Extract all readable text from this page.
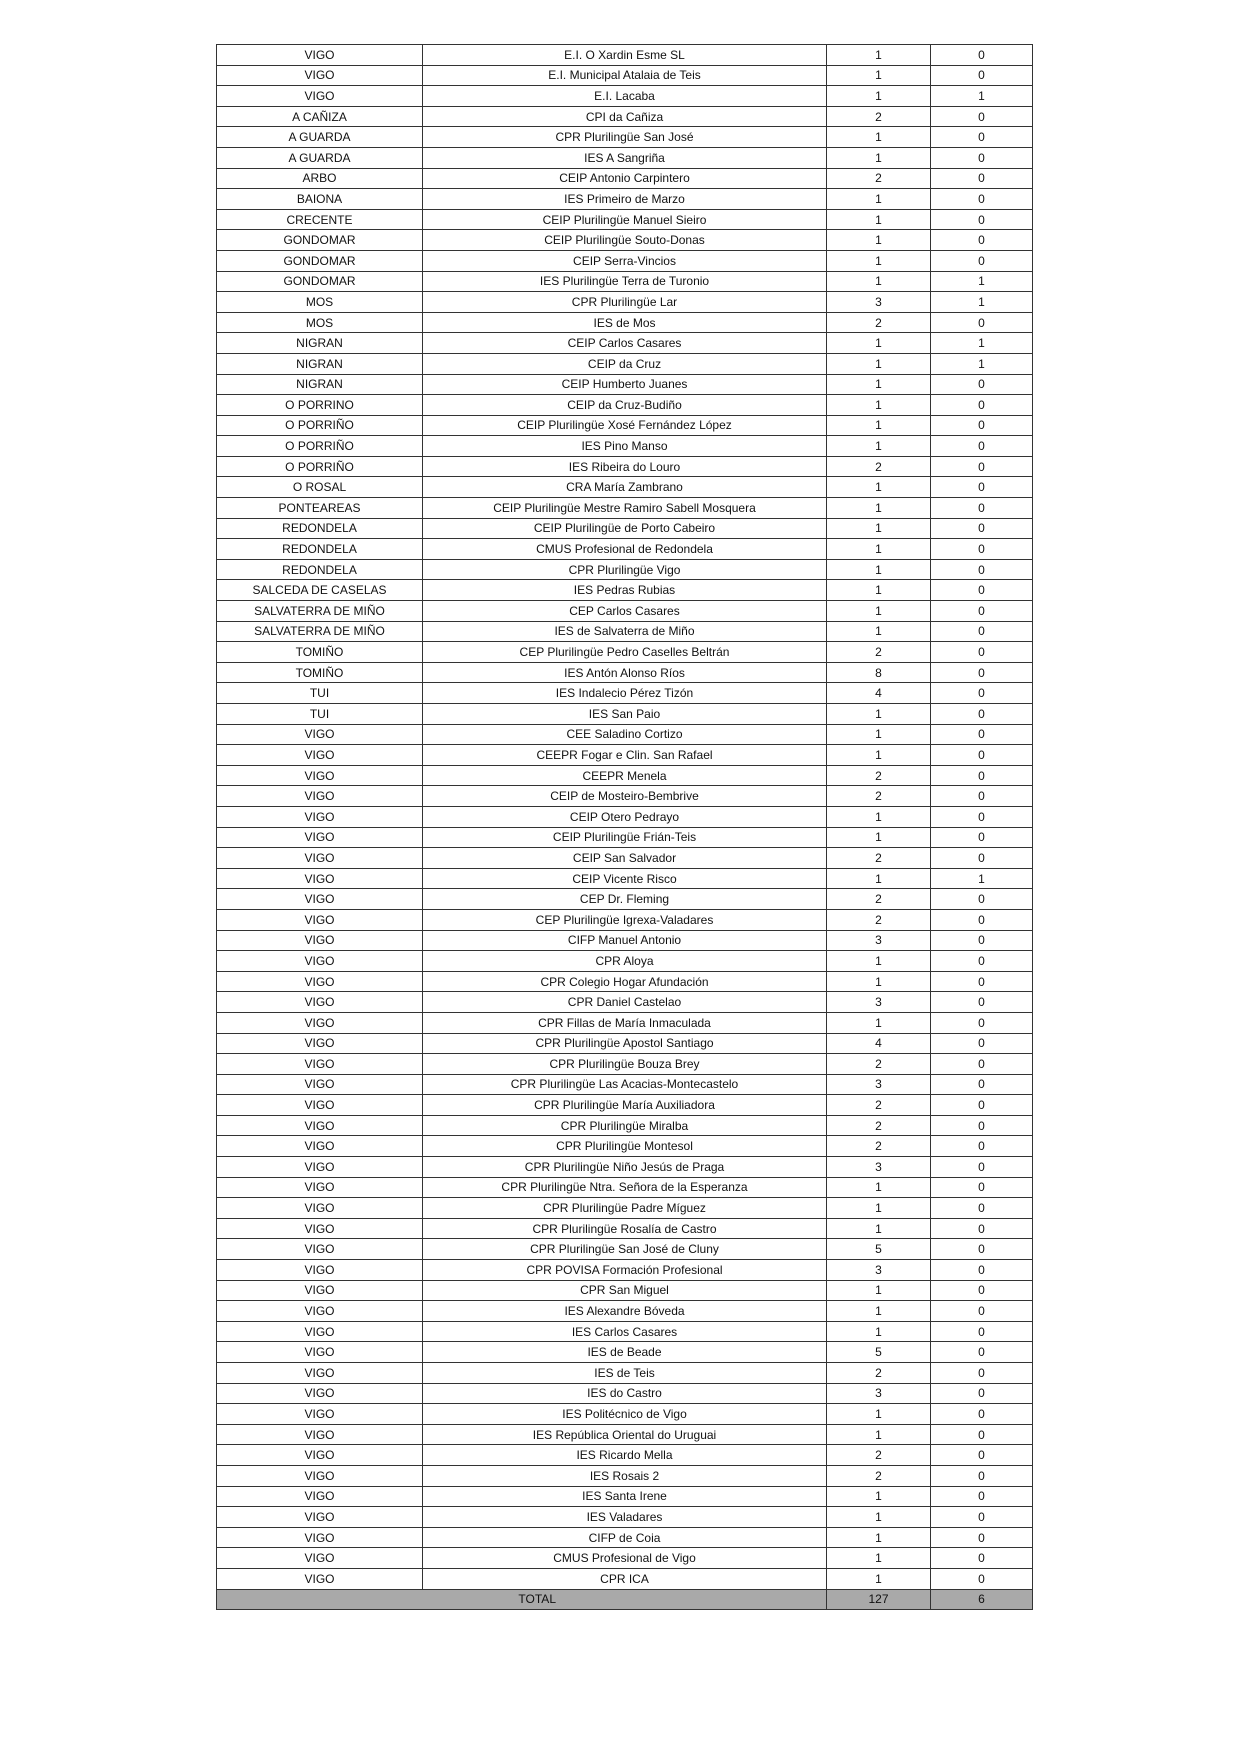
VIGO	E.I. O Xardin Esme SL	1	0
VIGO	E.I. Municipal Atalaia de Teis	1	0
VIGO	E.I. Lacaba	1	1
A CAÑIZA	CPI da Cañiza	2	0
A GUARDA	CPR Plurilingüe San José	1	0
A GUARDA	IES A Sangriña	1	0
ARBO	CEIP Antonio Carpintero	2	0
BAIONA	IES Primeiro de Marzo	1	0
CRECENTE	CEIP Plurilingüe Manuel Sieiro	1	0
GONDOMAR	CEIP Plurilingüe Souto-Donas	1	0
GONDOMAR	CEIP Serra-Vincios	1	0
GONDOMAR	IES Plurilingüe Terra de Turonio	1	1
MOS	CPR Plurilingüe Lar	3	1
MOS	IES de Mos	2	0
NIGRAN	CEIP Carlos Casares	1	1
NIGRAN	CEIP da Cruz	1	1
NIGRAN	CEIP Humberto Juanes	1	0
O PORRINO	CEIP da Cruz-Budiño	1	0
O PORRIÑO	CEIP Plurilingüe Xosé Fernández López	1	0
O PORRIÑO	IES Pino Manso	1	0
O PORRIÑO	IES Ribeira do Louro	2	0
O ROSAL	CRA María Zambrano	1	0
PONTEAREAS	CEIP Plurilingüe Mestre Ramiro Sabell Mosquera	1	0
REDONDELA	CEIP Plurilingüe de Porto Cabeiro	1	0
REDONDELA	CMUS Profesional de Redondela	1	0
REDONDELA	CPR Plurilingüe Vigo	1	0
SALCEDA DE CASELAS	IES Pedras Rubias	1	0
SALVATERRA DE MIÑO	CEP Carlos Casares	1	0
SALVATERRA DE MIÑO	IES de Salvaterra de Miño	1	0
TOMIÑO	CEP Plurilingüe Pedro Caselles Beltrán	2	0
TOMIÑO	IES Antón Alonso Ríos	8	0
TUI	IES Indalecio Pérez Tizón	4	0
TUI	IES San Paio	1	0
VIGO	CEE Saladino Cortizo	1	0
VIGO	CEEPR Fogar e Clin. San Rafael	1	0
VIGO	CEEPR Menela	2	0
VIGO	CEIP de Mosteiro-Bembrive	2	0
VIGO	CEIP Otero Pedrayo	1	0
VIGO	CEIP Plurilingüe Frián-Teis	1	0
VIGO	CEIP San Salvador	2	0
VIGO	CEIP Vicente Risco	1	1
VIGO	CEP Dr. Fleming	2	0
VIGO	CEP Plurilingüe Igrexa-Valadares	2	0
VIGO	CIFP Manuel Antonio	3	0
VIGO	CPR Aloya	1	0
VIGO	CPR Colegio Hogar Afundación	1	0
VIGO	CPR Daniel Castelao	3	0
VIGO	CPR Fillas de María Inmaculada	1	0
VIGO	CPR Plurilingüe Apostol Santiago	4	0
VIGO	CPR Plurilingüe Bouza Brey	2	0
VIGO	CPR Plurilingüe Las Acacias-Montecastelo	3	0
VIGO	CPR Plurilingüe María Auxiliadora	2	0
VIGO	CPR Plurilingüe Miralba	2	0
VIGO	CPR Plurilingüe Montesol	2	0
VIGO	CPR Plurilingüe Niño Jesús de Praga	3	0
VIGO	CPR Plurilingüe Ntra. Señora de la Esperanza	1	0
VIGO	CPR Plurilingüe Padre Míguez	1	0
VIGO	CPR Plurilingüe Rosalía de Castro	1	0
VIGO	CPR Plurilingüe San José de Cluny	5	0
VIGO	CPR POVISA Formación Profesional	3	0
VIGO	CPR San Miguel	1	0
VIGO	IES Alexandre Bóveda	1	0
VIGO	IES Carlos Casares	1	0
VIGO	IES de Beade	5	0
VIGO	IES de Teis	2	0
VIGO	IES do Castro	3	0
VIGO	IES Politécnico de Vigo	1	0
VIGO	IES República Oriental do Uruguai	1	0
VIGO	IES Ricardo Mella	2	0
VIGO	IES Rosais 2	2	0
VIGO	IES Santa Irene	1	0
VIGO	IES Valadares	1	0
VIGO	CIFP de Coia	1	0
VIGO	CMUS Profesional de Vigo	1	0
VIGO	CPR ICA	1	0
TOTAL		127	6
